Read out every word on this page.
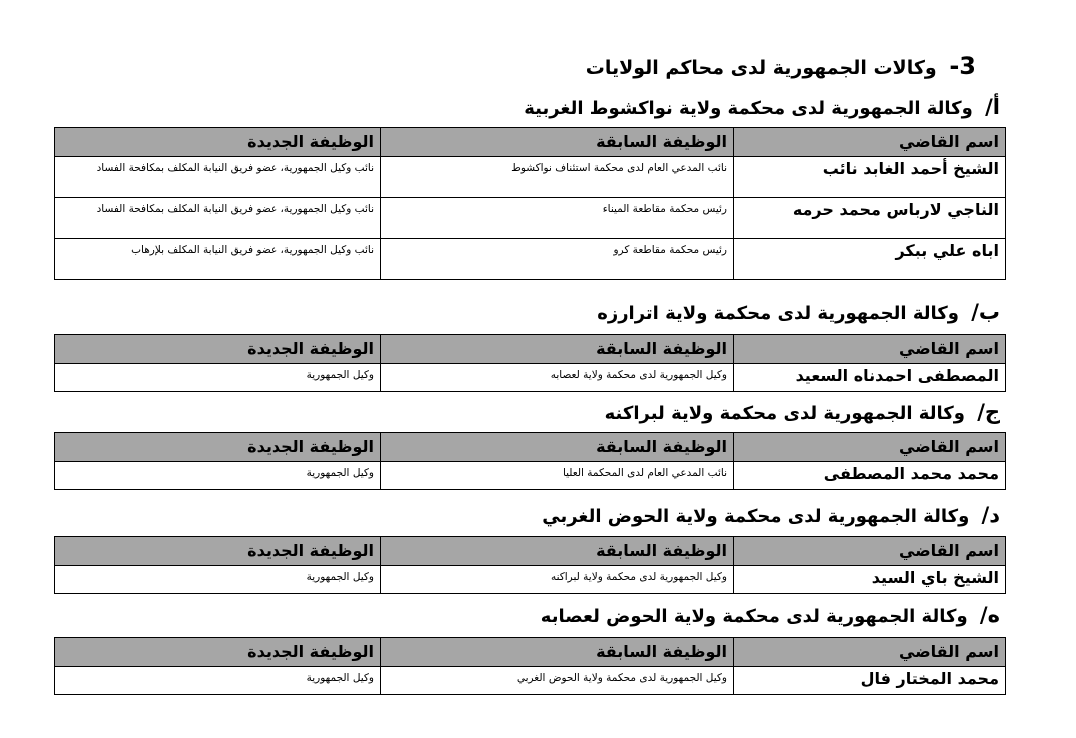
3- وكالات الجمهورية لدى محاكم الولايات
أ/ وكالة الجمهورية لدى محكمة ولاية نواكشوط الغربية
اسم القاضي	الوظيفة السابقة	الوظيفة الجديدة
الشيخ أحمد الغابد نائب	نائب المدعي العام لدى محكمة استئناف نواكشوط	نائب وكيل الجمهورية، عضو فريق النيابة المكلف بمكافحة الفساد
الناجي لارباس محمد حرمه	رئيس محكمة مقاطعة الميناء	نائب وكيل الجمهورية، عضو فريق النيابة المكلف بمكافحة الفساد
اباه علي ببكر	رئيس محكمة مقاطعة كرو	نائب وكيل الجمهورية، عضو فريق النيابة المكلف بلإرهاب
ب/ وكالة الجمهورية لدى محكمة ولاية اترارزه
اسم القاضي	الوظيفة السابقة	الوظيفة الجديدة
المصطفى احمدناه السعيد	وكيل الجمهورية لدى محكمة ولاية لعصابه	وكيل الجمهورية
ج/ وكالة الجمهورية لدى محكمة ولاية لبراكنه
اسم القاضي	الوظيفة السابقة	الوظيفة الجديدة
محمد محمد المصطفى	نائب المدعي العام لدى المحكمة العليا	وكيل الجمهورية
د/ وكالة الجمهورية لدى محكمة ولاية الحوض الغربي
اسم القاضي	الوظيفة السابقة	الوظيفة الجديدة
الشيخ باي السيد	وكيل الجمهورية لدى محكمة ولاية لبراكنه	وكيل الجمهورية
ه/ وكالة الجمهورية لدى محكمة ولاية الحوض لعصابه
اسم القاضي	الوظيفة السابقة	الوظيفة الجديدة
محمد المختار فال	وكيل الجمهورية لدى محكمة ولاية الحوض الغربي	وكيل الجمهورية
